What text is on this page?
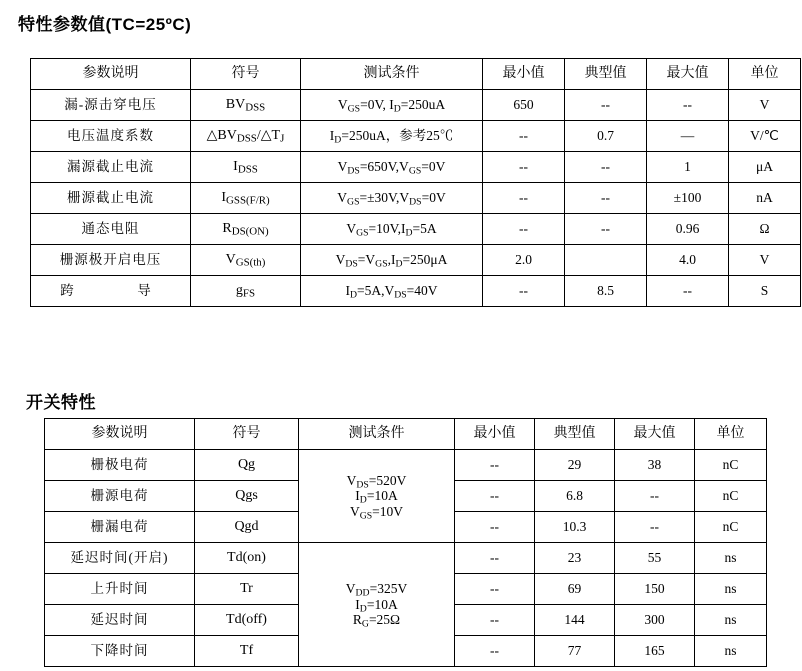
特性参数值(TC=25ºC)
参数说明	符号	测试条件	最小值	典型值	最大值	单位
漏-源击穿电压	$BV_{DSS}$	$V_{GS}=0V$, $I_D=250uA$	650	--	--	V
电压温度系数	$\triangle BV_{DSS}/\triangle T_J$	$I_D=250uA$，参考25℃	--	0.7	—	V/℃
漏源截止电流	$I_{DSS}$	$V_{DS}=650V,V_{GS}=0V$	--	--	1	μA
栅源截止电流	$I_{GSS(F/R)}$	$V_{GS}=\pm 30V,V_{DS}=0V$	--	--	±100	nA
通态电阻	$R_{DS(ON)}$	$V_{GS}=10V,I_D=5A$	--	--	0.96	Ω
栅源极开启电压	$V_{GS(th)}$	$V_{DS}=V_{GS},I_D=250\mu A$	2.0		4.0	V
跨    导	$g_{FS}$	$I_D=5A,V_{DS}=40V$	--	8.5	--	S
开关特性
参数说明	符号	测试条件	最小值	典型值	最大值	单位
栅极电荷	Qg	$V_{DS}=520V$
$I_D=10A$
$V_{GS}=10V$	--	29	38	nC
栅源电荷	Qgs		--	6.8	--	nC
栅漏电荷	Qgd		--	10.3	--	nC
延迟时间(开启)	Td(on)	$V_{DD}=325V$
$I_D=10A$
$R_G=25\Omega$	--	23	55	ns
上升时间	Tr		--	69	150	ns
延迟时间	Td(off)		--	144	300	ns
下降时间	Tf		--	77	165	ns
